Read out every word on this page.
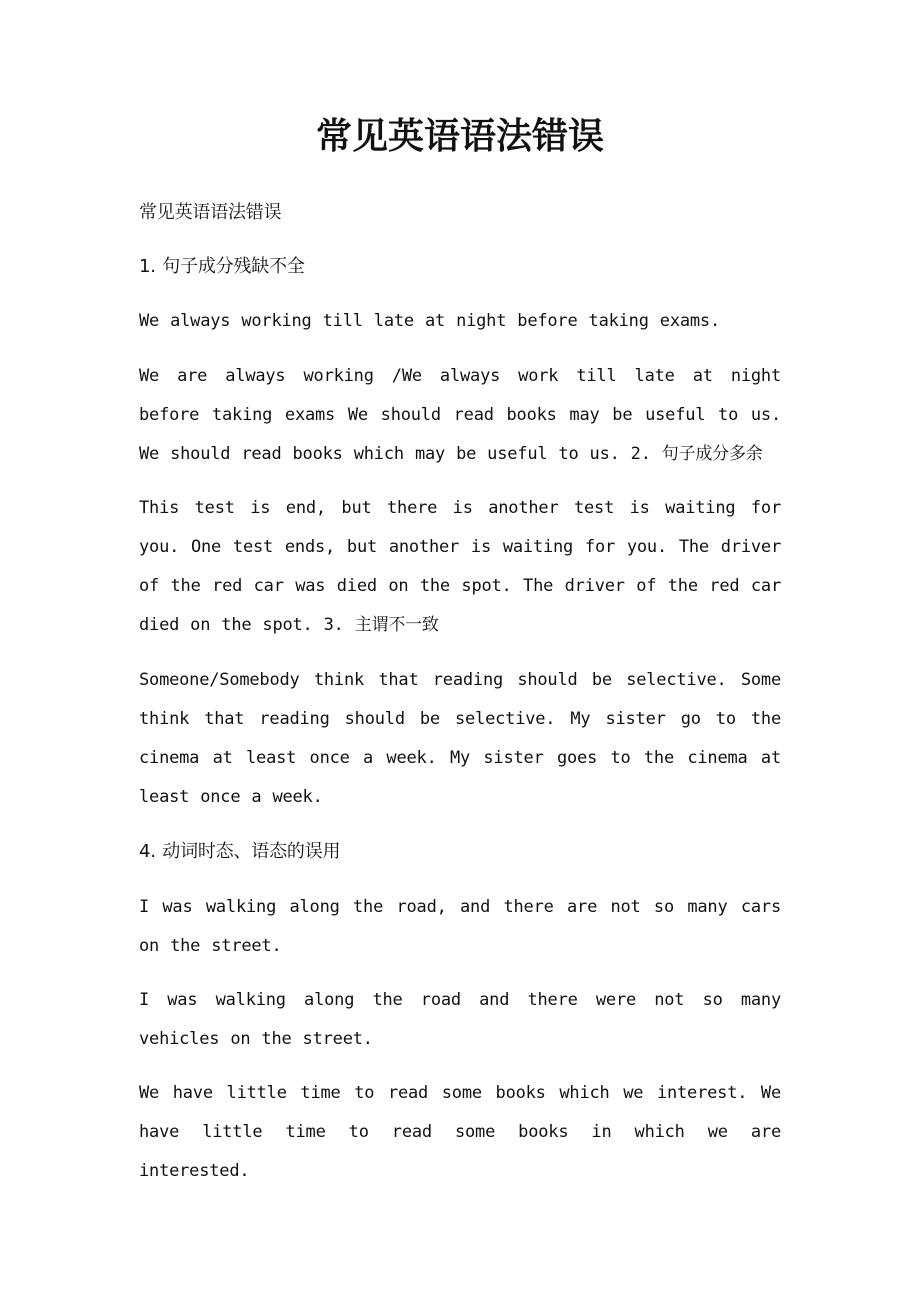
常见英语语法错误

常见英语语法错误

1. 句子成分残缺不全

We always working till late at night before taking exams.

We are always working /We always work till late at night before taking exams We should read books may be useful to us. We should read books which may be useful to us. 2. 句子成分多余

This test is end, but there is another test is waiting for you. One test ends, but another is waiting for you. The driver of the red car was died on the spot. The driver of the red car died on the spot. 3. 主谓不一致

Someone/Somebody think that reading should be selective. Some think that reading should be selective. My sister go to the cinema at least once a week. My sister goes to the cinema at least once a week.

4. 动词时态、语态的误用

I was walking along the road, and there are not so many cars on the street.

I was walking along the road and there were not so many vehicles on the street.

We have little time to read some books which we interest. We have little time to read some books in which we are interested.
